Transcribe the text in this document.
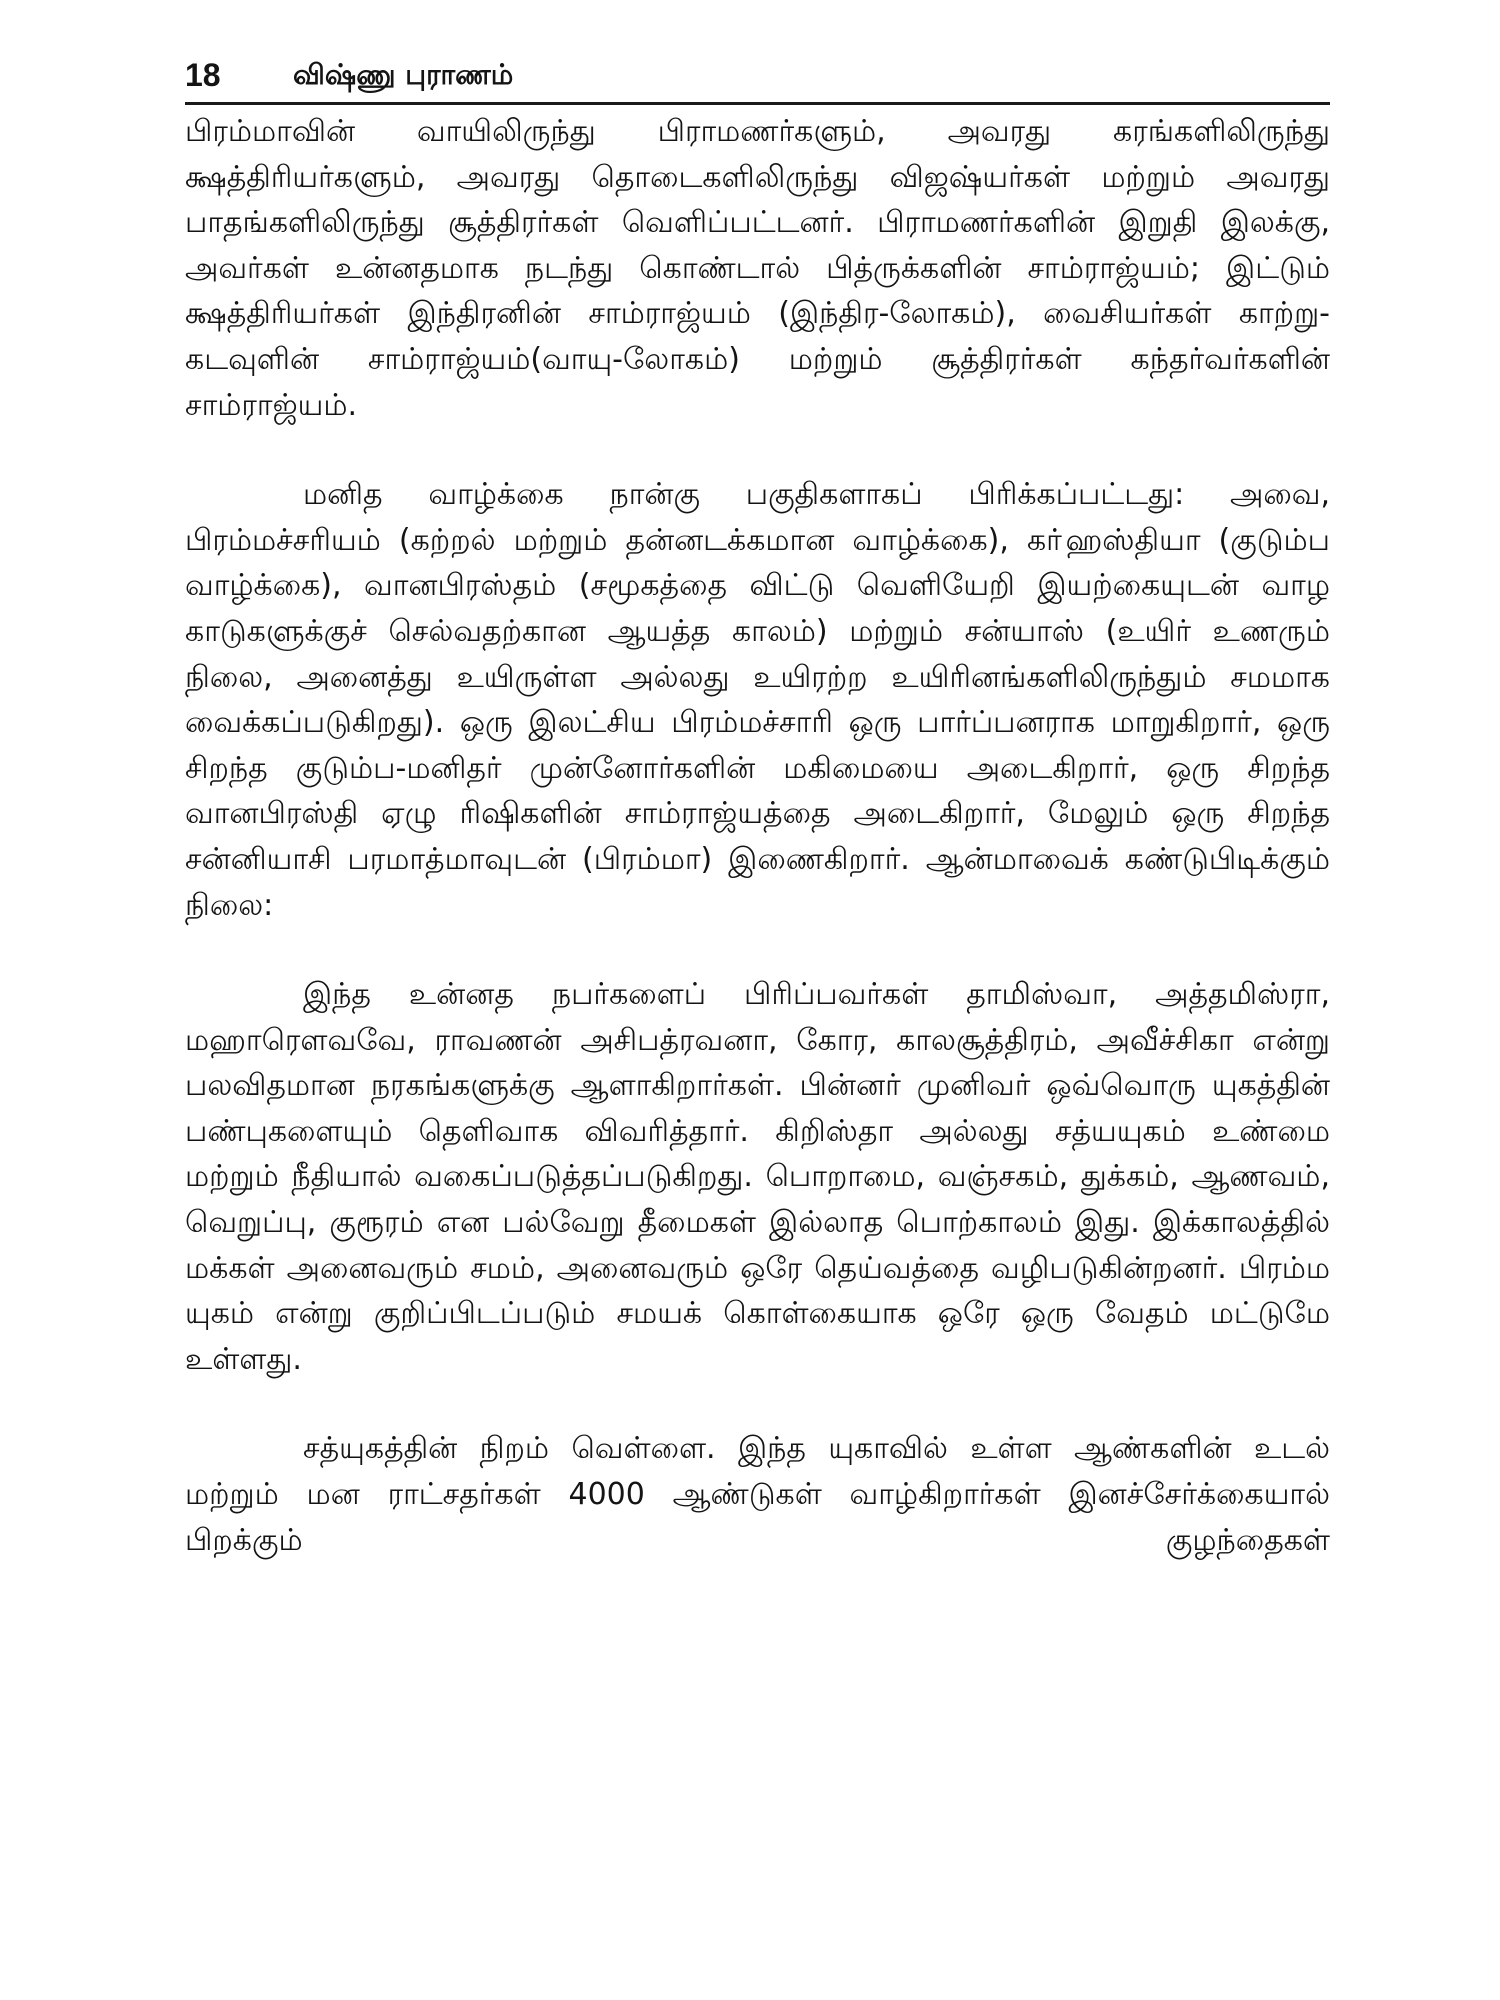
18	விஷ்ணு புராணம்

பிரம்மாவின் வாயிலிருந்து பிராமணர்களும், அவரது கரங்களிலிருந்து க்ஷத்திரியர்களும், அவரது தொடைகளிலிருந்து விஜஷ்யர்கள் மற்றும் அவரது பாதங்களிலிருந்து சூத்திரர்கள் வெளிப்பட்டனர். பிராமணர்களின் இறுதி இலக்கு, அவர்கள் உன்னதமாக நடந்து கொண்டால் பித்ருக்களின் சாம்ராஜ்யம்; இட்டும் க்ஷத்திரியர்கள் இந்திரனின் சாம்ராஜ்யம் (இந்திர-லோகம்), வைசியர்கள் காற்று-கடவுளின் சாம்ராஜ்யம்(வாயு-லோகம்) மற்றும் சூத்திரர்கள் கந்தர்வர்களின் சாம்ராஜ்யம்.

மனித வாழ்க்கை நான்கு பகுதிகளாகப் பிரிக்கப்பட்டது: அவை, பிரம்மச்சரியம் (கற்றல் மற்றும் தன்னடக்கமான வாழ்க்கை), கா்ஹஸ்தியா (குடும்ப வாழ்க்கை), வானபிரஸ்தம் (சமூகத்தை விட்டு வெளியேறி இயற்கையுடன் வாழ காடுகளுக்குச் செல்வதற்கான ஆயத்த காலம்) மற்றும் சன்யாஸ் (உயிர் உணரும் நிலை, அனைத்து உயிருள்ள அல்லது உயிரற்ற உயிரினங்களிலிருந்தும் சமமாக வைக்கப்படுகிறது). ஒரு இலட்சிய பிரம்மச்சாரி ஒரு பார்ப்பனராக மாறுகிறார், ஒரு சிறந்த குடும்ப-மனிதர் முன்னோர்களின் மகிமையை அடைகிறார், ஒரு சிறந்த வானபிரஸ்தி ஏழு ரிஷிகளின் சாம்ராஜ்யத்தை அடைகிறார், மேலும் ஒரு சிறந்த சன்னியாசி பரமாத்மாவுடன் (பிரம்மா) இணைகிறார். ஆன்மாவைக் கண்டுபிடிக்கும் நிலை:

இந்த உன்னத நபர்களைப் பிரிப்பவர்கள் தாமிஸ்வா, அத்தமிஸ்ரா, மஹாரௌவவே, ராவணன் அசிபத்ரவனா, கோர, காலசூத்திரம், அவீச்சிகா என்று பலவிதமான நரகங்களுக்கு ஆளாகிறார்கள். பின்னர் முனிவர் ஒவ்வொரு யுகத்தின் பண்புகளையும் தெளிவாக விவரித்தார். கிறிஸ்தா அல்லது சத்யயுகம் உண்மை மற்றும் நீதியால் வகைப்படுத்தப்படுகிறது. பொறாமை, வஞ்சகம், துக்கம், ஆணவம், வெறுப்பு, குரூரம் என பல்வேறு தீமைகள் இல்லாத பொற்காலம் இது. இக்காலத்தில் மக்கள் அனைவரும் சமம், அனைவரும் ஒரே தெய்வத்தை வழிபடுகின்றனர். பிரம்ம யுகம் என்று குறிப்பிடப்படும் சமயக் கொள்கையாக ஒரே ஒரு வேதம் மட்டுமே உள்ளது.

சத்யுகத்தின் நிறம் வெள்ளை. இந்த யுகாவில் உள்ள ஆண்களின் உடல் மற்றும் மன ராட்சதர்கள் 4000 ஆண்டுகள் வாழ்கிறார்கள் இனச்சேர்க்கையால் பிறக்கும் குழந்தைகள்
